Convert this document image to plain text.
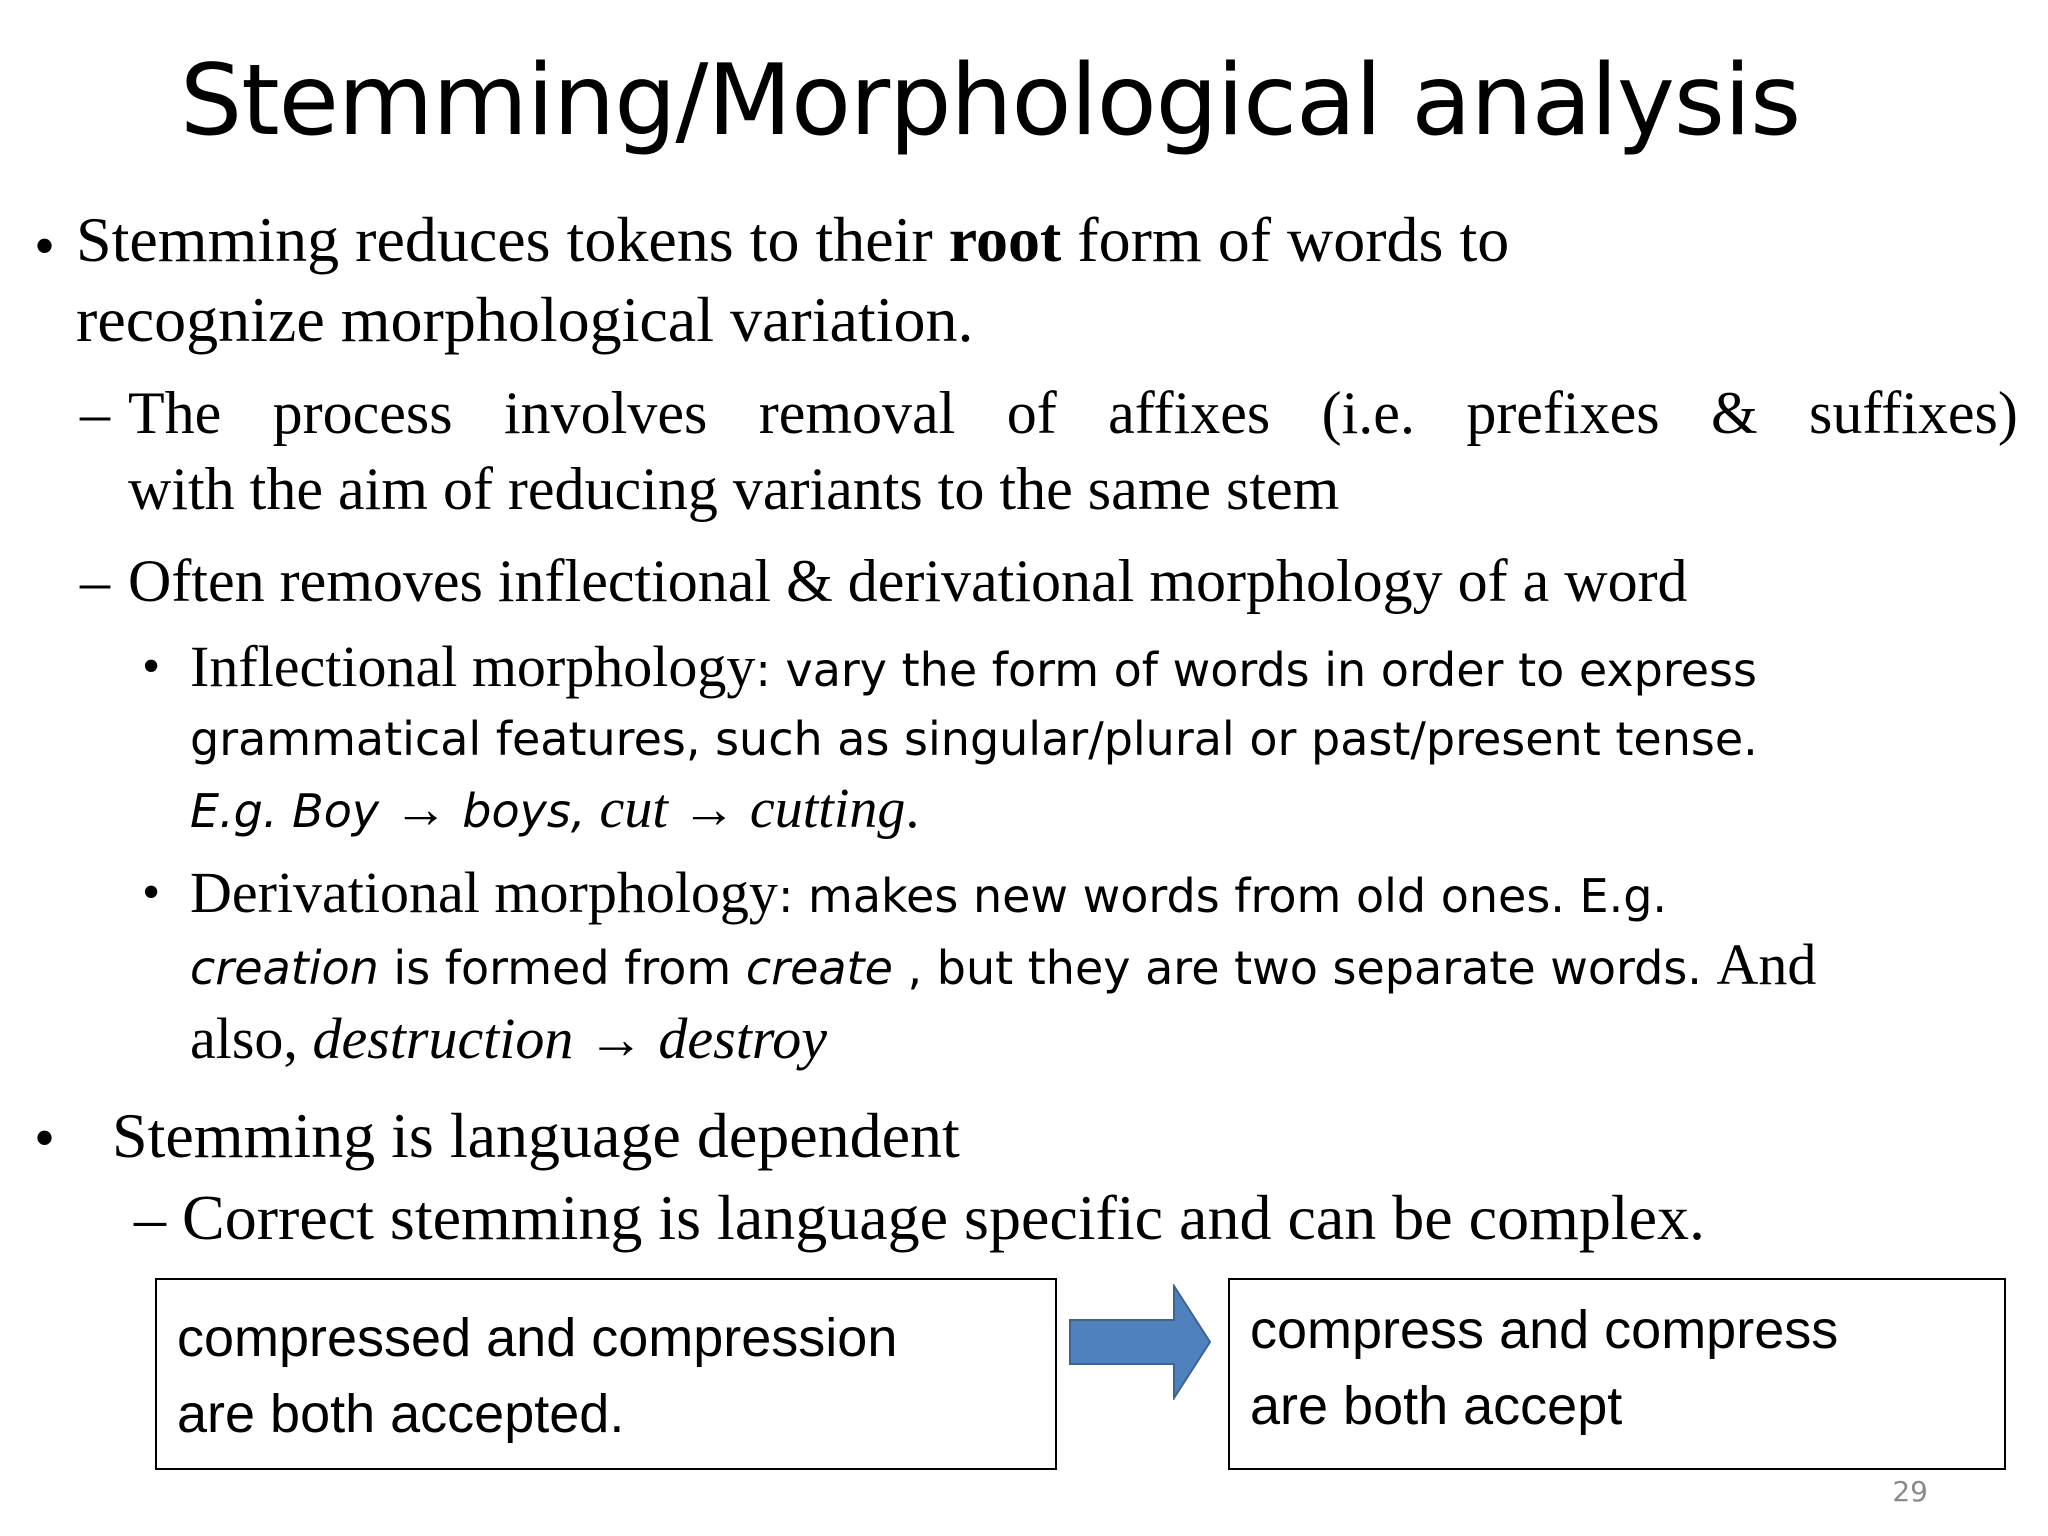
Stemming/Morphological analysis
• Stemming reduces tokens to their root form of words to
recognize morphological variation.
– The process involves removal of affixes (i.e. prefixes & suffixes)
with the aim of reducing variants to the same stem
– Often removes inflectional & derivational morphology of a word
• Inflectional morphology: vary the form of words in order to express
grammatical features, such as singular/plural or past/present tense.
E.g. Boy → boys, cut → cutting.
• Derivational morphology: makes new words from old ones. E.g.
creation is formed from create , but they are two separate words. And
also, destruction → destroy
• Stemming is language dependent
– Correct stemming is language specific and can be complex.
compressed and compression
are both accepted.
compress and compress
are both accept
29
